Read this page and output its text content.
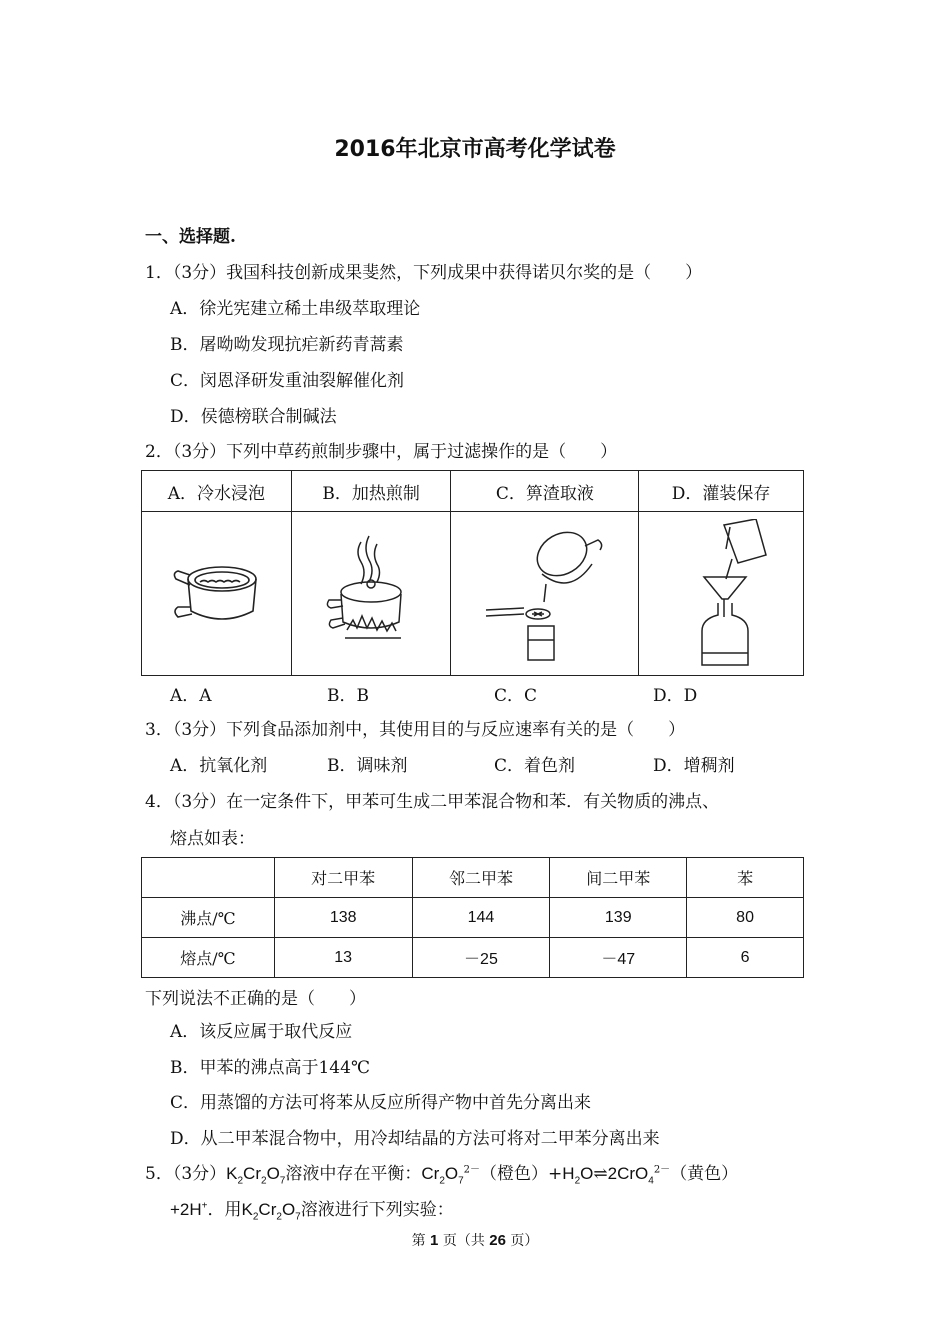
2016年北京市高考化学试卷
一、选择题.
1．（3分）我国科技创新成果斐然，下列成果中获得诺贝尔奖的是（　　）
A．徐光宪建立稀土串级萃取理论
B．屠呦呦发现抗疟新药青蒿素
C．闵恩泽研发重油裂解催化剂
D．侯德榜联合制碱法
2．（3分）下列中草药煎制步骤中，属于过滤操作的是（　　）
A．冷水浸泡	B．加热煎制	C．箅渣取液	D．灌装保存

A．A	B．B	C．C	D．D
3．（3分）下列食品添加剂中，其使用目的与反应速率有关的是（　　）
A．抗氧化剂	B．调味剂	C．着色剂	D．增稠剂
4．（3分）在一定条件下，甲苯可生成二甲苯混合物和苯．有关物质的沸点、
熔点如表：
	对二甲苯	邻二甲苯	间二甲苯	苯
沸点/℃	138	144	139	80
熔点/℃	13	－25	－47	6
下列说法不正确的是（　　）
A．该反应属于取代反应
B．甲苯的沸点高于144℃
C．用蒸馏的方法可将苯从反应所得产物中首先分离出来
D．从二甲苯混合物中，用冷却结晶的方法可将对二甲苯分离出来
5．（3分）$K_2Cr_2O_7$溶液中存在平衡：$Cr_2O_7^{2-}$（橙色）$+H_2O\rightleftharpoons 2CrO_4^{2-}$（黄色）
+2H+．用$K_2Cr_2O_7$溶液进行下列实验：
第 1 页（共 26 页）
